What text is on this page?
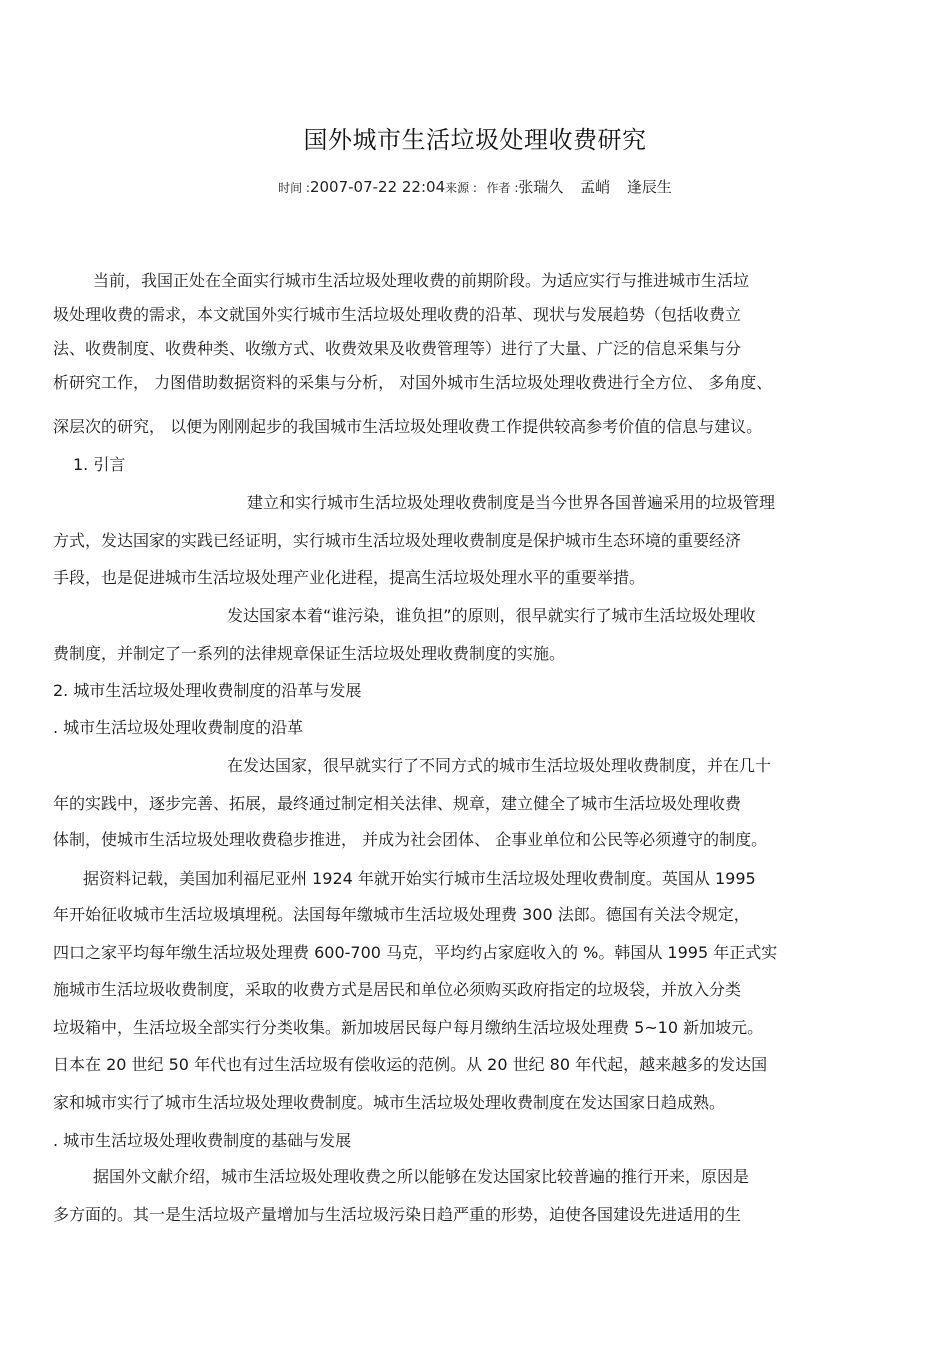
国外城市生活垃圾处理收费研究
时间 :2007-07-22 22:04来源 : 作者 :张瑞久 孟峭 逢辰生
当前，我国正处在全面实行城市生活垃圾处理收费的前期阶段。为适应实行与推进城市生活垃
圾处理收费的需求，本文就国外实行城市生活垃圾处理收费的沿革、现状与发展趋势（包括收费立
法、收费制度、收费种类、收缴方式、收费效果及收费管理等）进行了大量、广泛的信息采集与分
析研究工作， 力图借助数据资料的采集与分析， 对国外城市生活垃圾处理收费进行全方位、 多角度、
深层次的研究， 以便为刚刚起步的我国城市生活垃圾处理收费工作提供较高参考价值的信息与建议。
1. 引言
建立和实行城市生活垃圾处理收费制度是当今世界各国普遍采用的垃圾管理
方式，发达国家的实践已经证明，实行城市生活垃圾处理收费制度是保护城市生态环境的重要经济
手段，也是促进城市生活垃圾处理产业化进程，提高生活垃圾处理水平的重要举措。
发达国家本着“谁污染，谁负担”的原则，很早就实行了城市生活垃圾处理收
费制度，并制定了一系列的法律规章保证生活垃圾处理收费制度的实施。
2. 城市生活垃圾处理收费制度的沿革与发展
. 城市生活垃圾处理收费制度的沿革
在发达国家，很早就实行了不同方式的城市生活垃圾处理收费制度，并在几十
年的实践中，逐步完善、拓展，最终通过制定相关法律、规章，建立健全了城市生活垃圾处理收费
体制，使城市生活垃圾处理收费稳步推进， 并成为社会团体、 企事业单位和公民等必须遵守的制度。
据资料记载，美国加利福尼亚州 1924 年就开始实行城市生活垃圾处理收费制度。英国从 1995
年开始征收城市生活垃圾填埋税。法国每年缴城市生活垃圾处理费 300 法郎。德国有关法令规定，
四口之家平均每年缴生活垃圾处理费 600-700 马克，平均约占家庭收入的 %。韩国从 1995 年正式实
施城市生活垃圾收费制度，采取的收费方式是居民和单位必须购买政府指定的垃圾袋，并放入分类
垃圾箱中，生活垃圾全部实行分类收集。新加坡居民每户每月缴纳生活垃圾处理费 5~10 新加坡元。
日本在 20 世纪 50 年代也有过生活垃圾有偿收运的范例。从 20 世纪 80 年代起，越来越多的发达国
家和城市实行了城市生活垃圾处理收费制度。城市生活垃圾处理收费制度在发达国家日趋成熟。
. 城市生活垃圾处理收费制度的基础与发展
据国外文献介绍，城市生活垃圾处理收费之所以能够在发达国家比较普遍的推行开来，原因是
多方面的。其一是生活垃圾产量增加与生活垃圾污染日趋严重的形势，迫使各国建设先进适用的生
